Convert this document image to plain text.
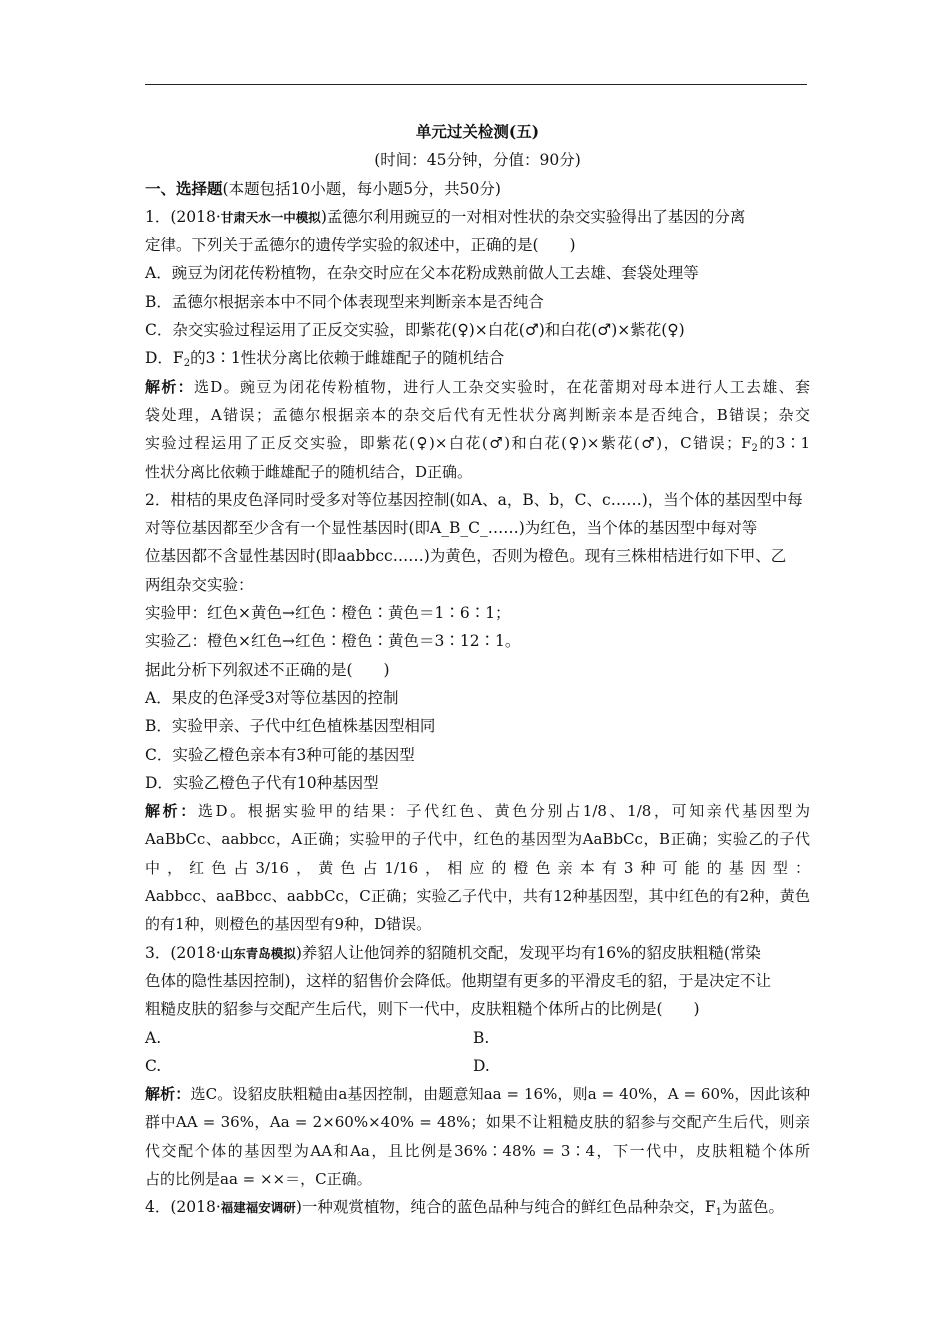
单元过关检测(五)
(时间：45分钟，分值：90分)
一、选择题(本题包括10小题，每小题5分，共50分)
1．(2018·甘肃天水一中模拟)孟德尔利用豌豆的一对相对性状的杂交实验得出了基因的分离
定律。下列关于孟德尔的遗传学实验的叙述中，正确的是(　　)
A．豌豆为闭花传粉植物，在杂交时应在父本花粉成熟前做人工去雄、套袋处理等
B．孟德尔根据亲本中不同个体表现型来判断亲本是否纯合
C．杂交实验过程运用了正反交实验，即紫花(♀)×白花(♂)和白花(♂)×紫花(♀)
D．$F_2$的3∶1性状分离比依赖于雌雄配子的随机结合
解析：选D。豌豆为闭花传粉植物，进行人工杂交实验时，在花蕾期对母本进行人工去雄、套
袋处理，A错误；孟德尔根据亲本的杂交后代有无性状分离判断亲本是否纯合，B错误；杂交
实验过程运用了正反交实验，即紫花(♀)×白花(♂)和白花(♀)×紫花(♂)，C错误；$F_2$的3∶1
性状分离比依赖于雌雄配子的随机结合，D正确。
2．柑桔的果皮色泽同时受多对等位基因控制(如A、a，B、b，C、c……)，当个体的基因型中每
对等位基因都至少含有一个显性基因时(即A_B_C_……)为红色，当个体的基因型中每对等
位基因都不含显性基因时(即aabbcc……)为黄色，否则为橙色。现有三株柑桔进行如下甲、乙
两组杂交实验：
实验甲：红色×黄色→红色∶橙色∶黄色＝1∶6∶1；
实验乙：橙色×红色→红色∶橙色∶黄色＝3∶12∶1。
据此分析下列叙述不正确的是(　　)
A．果皮的色泽受3对等位基因的控制
B．实验甲亲、子代中红色植株基因型相同
C．实验乙橙色亲本有3种可能的基因型
D．实验乙橙色子代有10种基因型
解析：选D。根据实验甲的结果：子代红色、黄色分别占1/8、1/8，可知亲代基因型为
AaBbCc、aabbcc，A正确；实验甲的子代中，红色的基因型为AaBbCc，B正确；实验乙的子代
中，红色占3/16，黄色占1/16，相应的橙色亲本有3种可能的基因型：
Aabbcc、aaBbcc、aabbCc，C正确；实验乙子代中，共有12种基因型，其中红色的有2种，黄色
的有1种，则橙色的基因型有9种，D错误。
3．(2018·山东青岛模拟)养貂人让他饲养的貂随机交配，发现平均有16%的貂皮肤粗糙(常染
色体的隐性基因控制)，这样的貂售价会降低。他期望有更多的平滑皮毛的貂，于是决定不让
粗糙皮肤的貂参与交配产生后代，则下一代中，皮肤粗糙个体所占的比例是(　　)
A.	B.
C.	D.
解析：选C。设貂皮肤粗糙由a基因控制，由题意知aa = 16%，则a = 40%，A = 60%，因此该种
群中AA = 36%，Aa = 2×60%×40% = 48%；如果不让粗糙皮肤的貂参与交配产生后代，则亲
代交配个体的基因型为AA和Aa，且比例是36%∶48% = 3∶4，下一代中，皮肤粗糙个体所
占的比例是aa = ××＝，C正确。
4．(2018·福建福安调研)一种观赏植物，纯合的蓝色品种与纯合的鲜红色品种杂交，$F_1$为蓝色。
